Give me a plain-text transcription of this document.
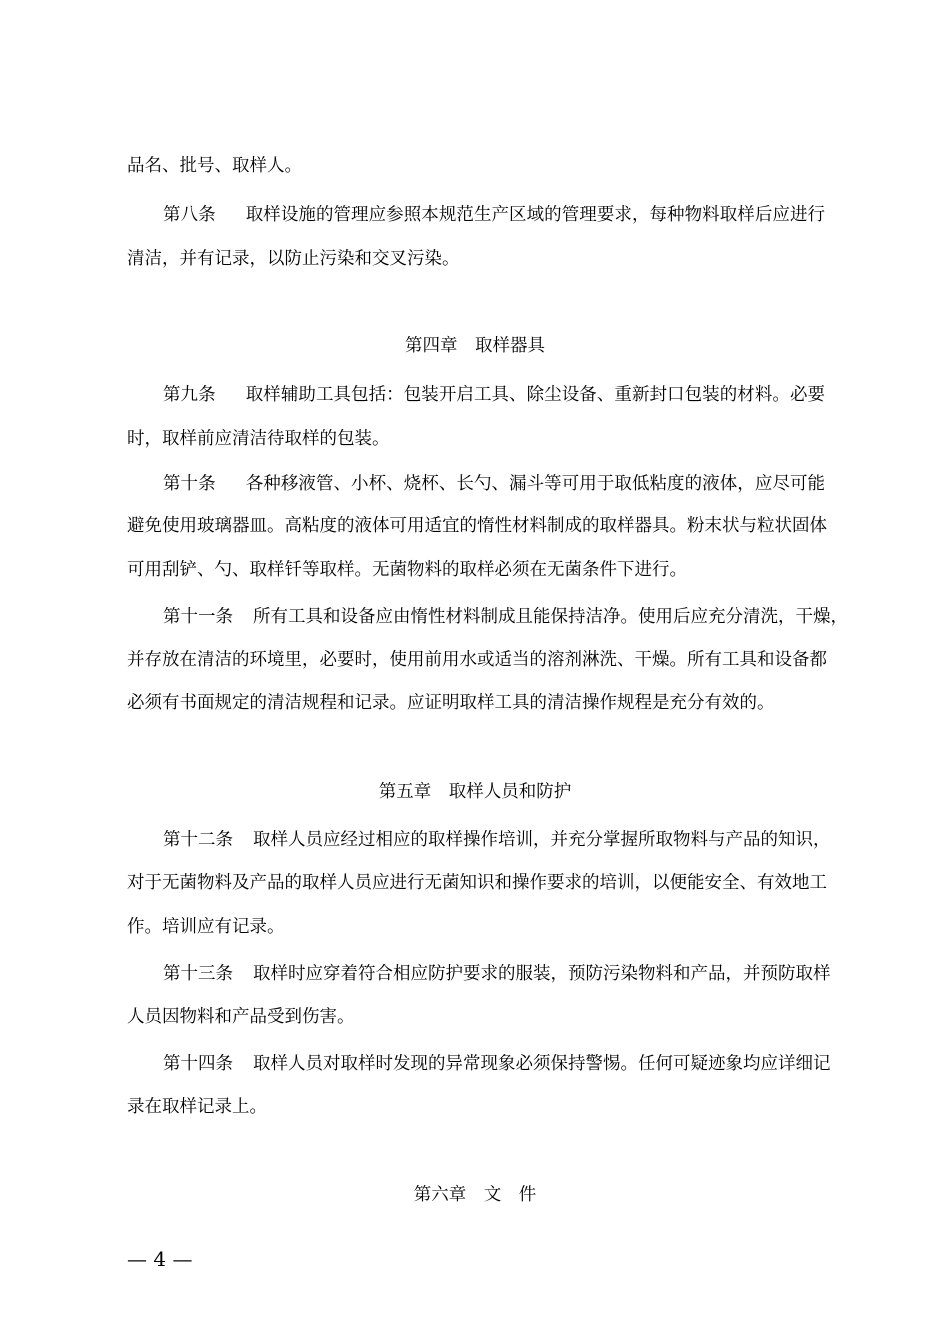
品名、批号、取样人。
第八条 取样设施的管理应参照本规范生产区域的管理要求，每种物料取样后应进行
清洁，并有记录，以防止污染和交叉污染。
第四章　取样器具
第九条 取样辅助工具包括：包装开启工具、除尘设备、重新封口包装的材料。必要
时，取样前应清洁待取样的包装。
第十条 各种移液管、小杯、烧杯、长勺、漏斗等可用于取低粘度的液体，应尽可能
避免使用玻璃器皿。高粘度的液体可用适宜的惰性材料制成的取样器具。粉末状与粒状固体
可用刮铲、勺、取样钎等取样。无菌物料的取样必须在无菌条件下进行。
第十一条 所有工具和设备应由惰性材料制成且能保持洁净。使用后应充分清洗，干燥，
并存放在清洁的环境里，必要时，使用前用水或适当的溶剂淋洗、干燥。所有工具和设备都
必须有书面规定的清洁规程和记录。应证明取样工具的清洁操作规程是充分有效的。
第五章　取样人员和防护
第十二条 取样人员应经过相应的取样操作培训，并充分掌握所取物料与产品的知识，
对于无菌物料及产品的取样人员应进行无菌知识和操作要求的培训，以便能安全、有效地工
作。培训应有记录。
第十三条 取样时应穿着符合相应防护要求的服装，预防污染物料和产品，并预防取样
人员因物料和产品受到伤害。
第十四条 取样人员对取样时发现的异常现象必须保持警惕。任何可疑迹象均应详细记
录在取样记录上。
第六章　文　件
— 4 —
